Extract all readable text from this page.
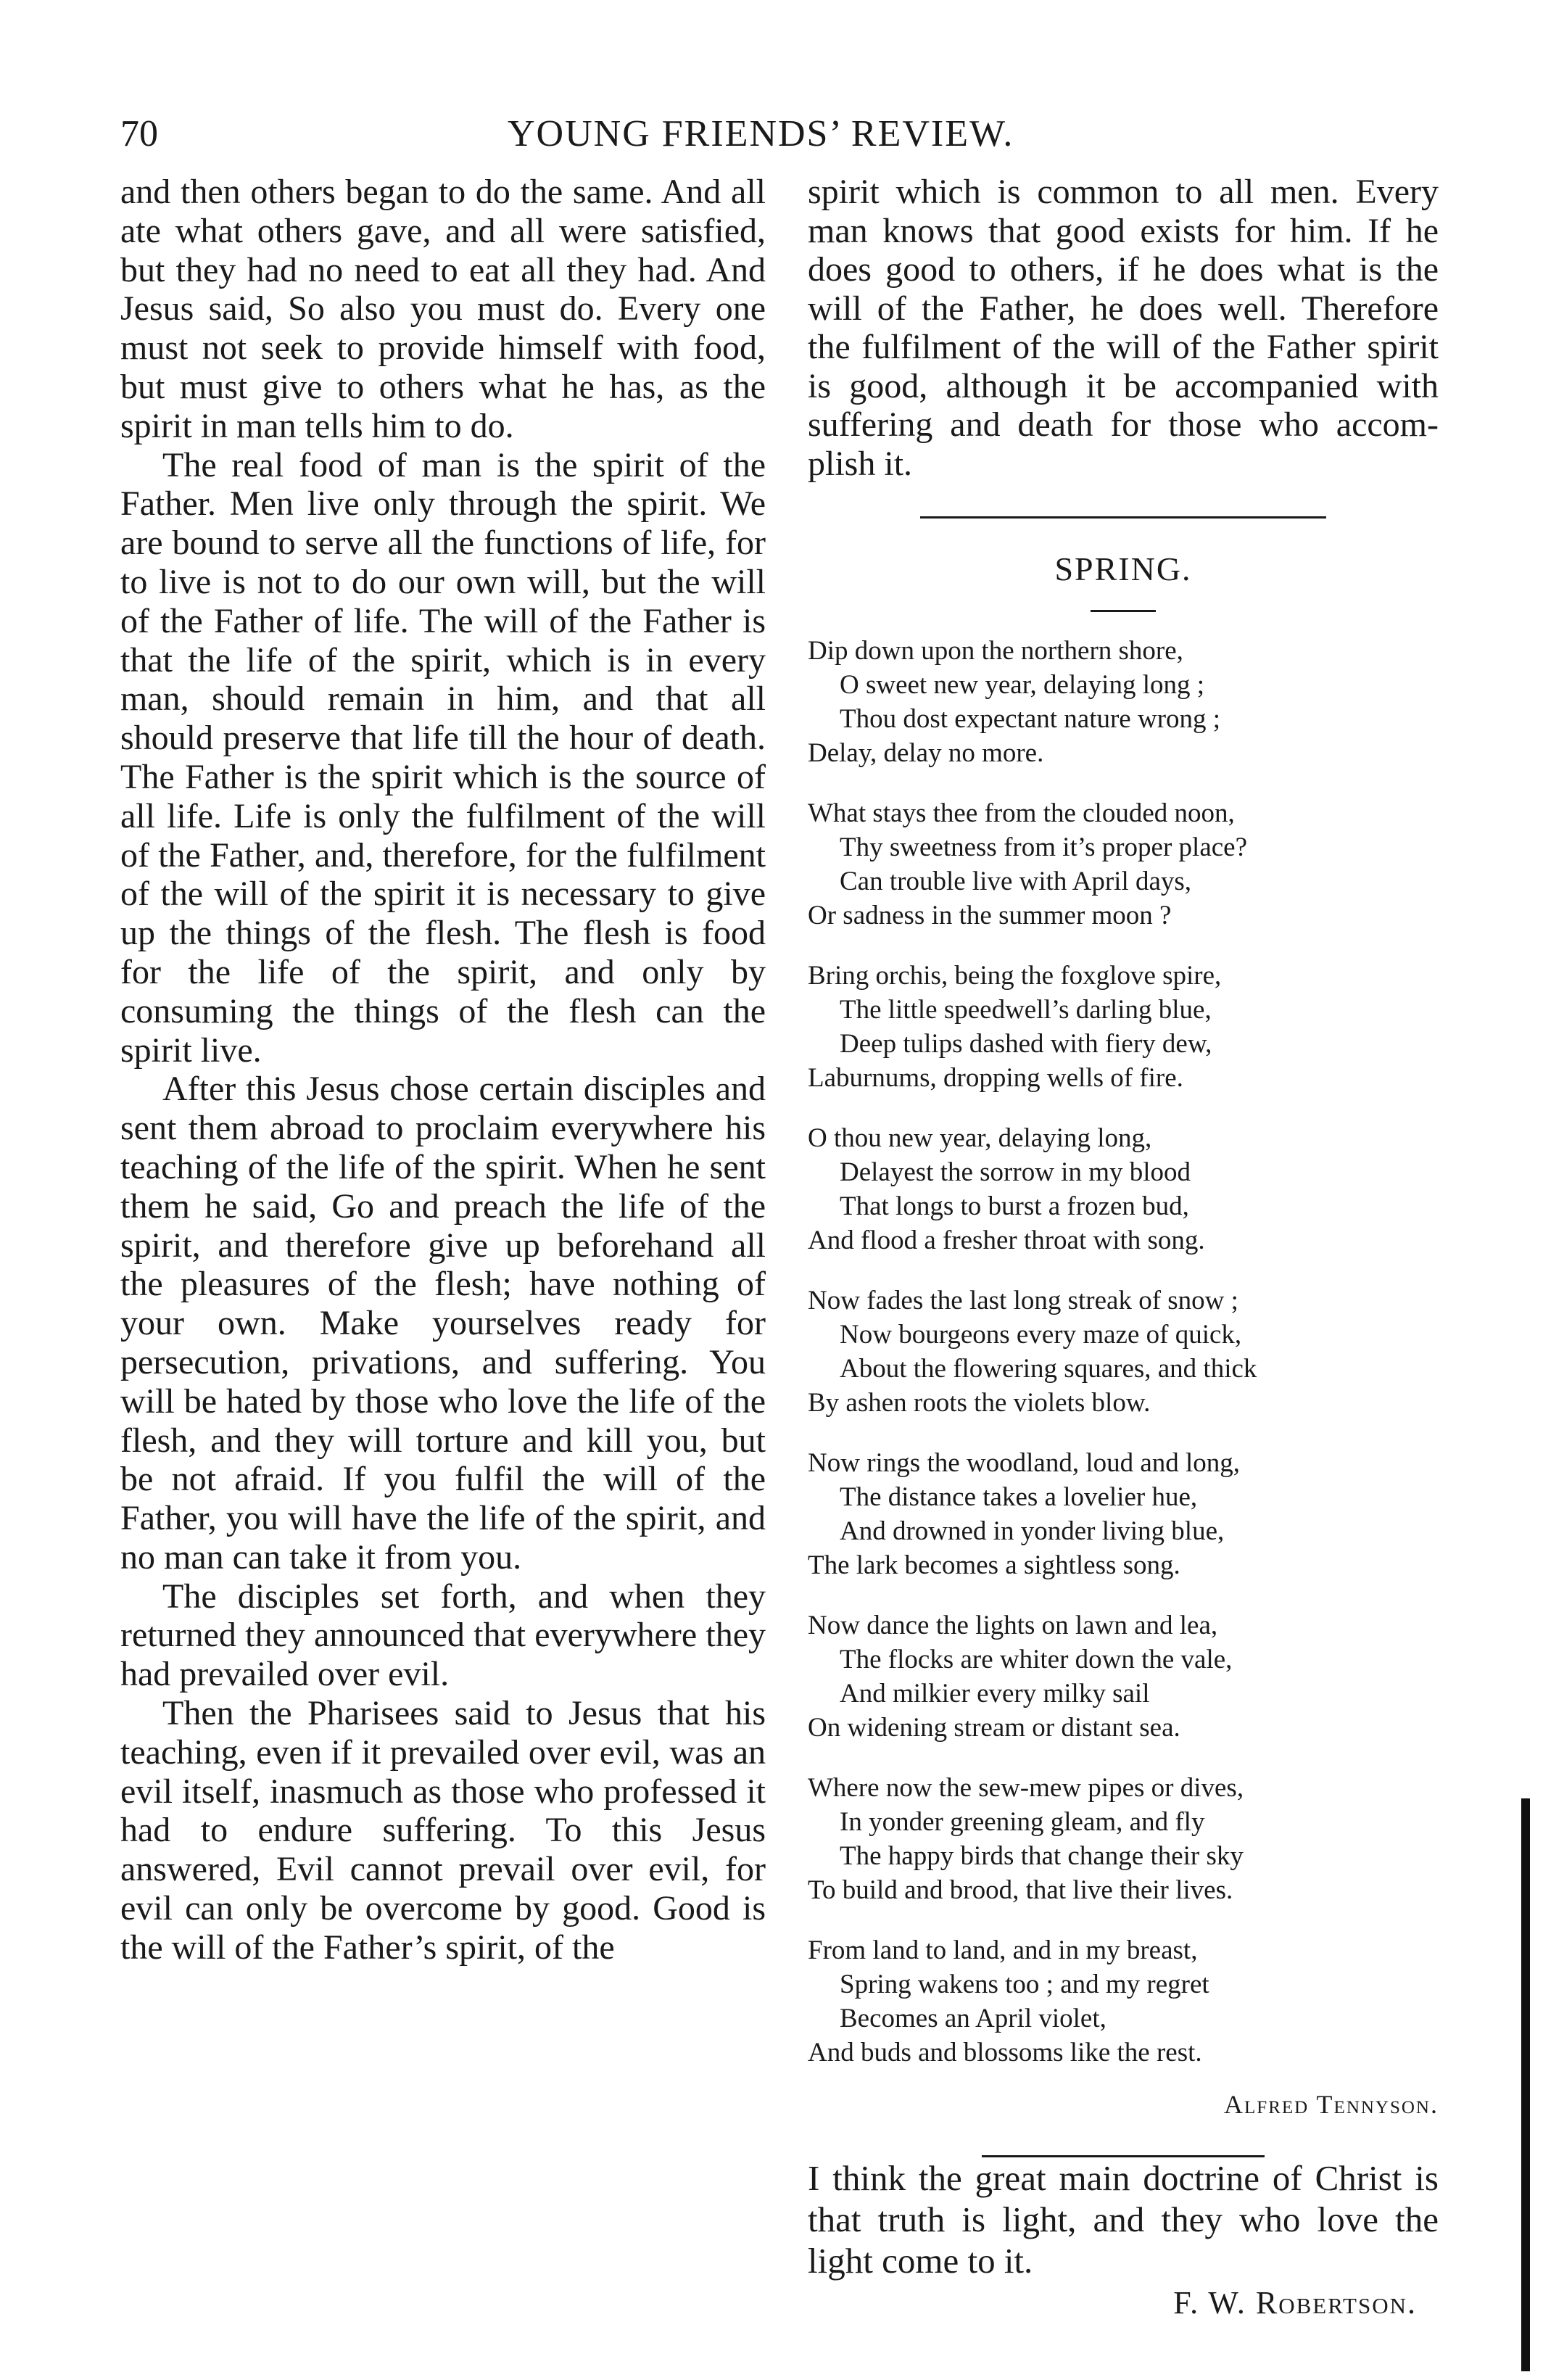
70	YOUNG FRIENDS’ REVIEW.

and then others began to do the same. And all ate what others gave, and all were satisfied, but they had no need to eat all they had. And Jesus said, So also you must do. Every one must not seek to provide himself with food, but must give to others what he has, as the spirit in man tells him to do.

The real food of man is the spirit of the Father. Men live only through the spirit. We are bound to serve all the functions of life, for to live is not to do our own will, but the will of the Father of life. The will of the Father is that the life of the spirit, which is in every man, should remain in him, and that all should preserve that life till the hour of death. The Father is the spirit which is the source of all life. Life is only the fulfilment of the will of the Father, and, therefore, for the fulfilment of the will of the spirit it is necessary to give up the things of the flesh. The flesh is food for the life of the spirit, and only by consuming the things of the flesh can the spirit live.

After this Jesus chose certain disciples and sent them abroad to proclaim everywhere his teaching of the life of the spirit. When he sent them he said, Go and preach the life of the spirit, and therefore give up beforehand all the pleasures of the flesh; have nothing of your own. Make yourselves ready for persecution, privations, and suffering. You will be hated by those who love the life of the flesh, and they will torture and kill you, but be not afraid. If you fulfil the will of the Father, you will have the life of the spirit, and no man can take it from you.

The disciples set forth, and when they returned they announced that everywhere they had prevailed over evil.

Then the Pharisees said to Jesus that his teaching, even if it prevailed over evil, was an evil itself, inasmuch as those who professed it had to endure suffering. To this Jesus answered, Evil cannot prevail over evil, for evil can only be overcome by good. Good is the will of the Father’s spirit, of the

spirit which is common to all men. Every man knows that good exists for him. If he does good to others, if he does what is the will of the Father, he does well. Therefore the fulfilment of the will of the Father spirit is good, although it be accompanied with suffering and death for those who accomplish it.

SPRING.
Dip down upon the northern shore,
O sweet new year, delaying long ;
Thou dost expectant nature wrong ;
Delay, delay no more.
What stays thee from the clouded noon,
Thy sweetness from it’s proper place?
Can trouble live with April days,
Or sadness in the summer moon ?
Bring orchis, being the foxglove spire,
The little speedwell’s darling blue,
Deep tulips dashed with fiery dew,
Laburnums, dropping wells of fire.
O thou new year, delaying long,
Delayest the sorrow in my blood
That longs to burst a frozen bud,
And flood a fresher throat with song.
Now fades the last long streak of snow ;
Now bourgeons every maze of quick,
About the flowering squares, and thick
By ashen roots the violets blow.
Now rings the woodland, loud and long,
The distance takes a lovelier hue,
And drowned in yonder living blue,
The lark becomes a sightless song.
Now dance the lights on lawn and lea,
The flocks are whiter down the vale,
And milkier every milky sail
On widening stream or distant sea.
Where now the sew-mew pipes or dives,
In yonder greening gleam, and fly
The happy birds that change their sky
To build and brood, that live their lives.
From land to land, and in my breast,
Spring wakens too ; and my regret
Becomes an April violet,
And buds and blossoms like the rest.
Alfred Tennyson.

I think the great main doctrine of Christ is that truth is light, and they who love the light come to it.

F. W. Robertson.
